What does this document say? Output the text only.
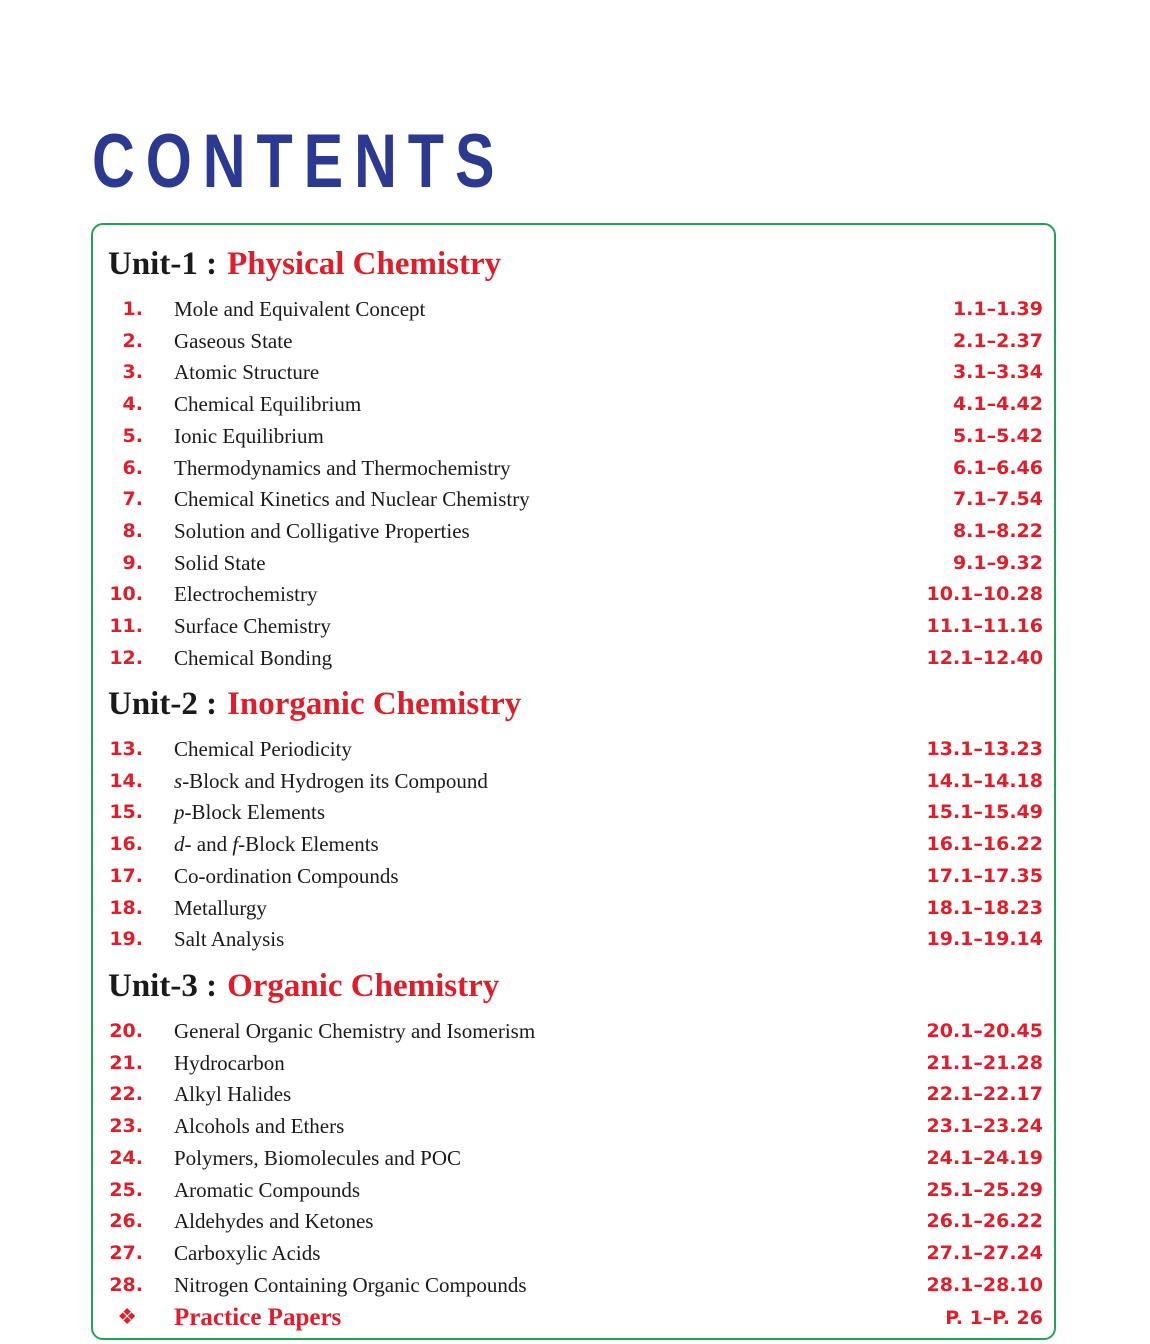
CONTENTS
Unit-1 : Physical Chemistry
1. Mole and Equivalent Concept	1.1–1.39
2. Gaseous State	2.1–2.37
3. Atomic Structure	3.1–3.34
4. Chemical Equilibrium	4.1–4.42
5. Ionic Equilibrium	5.1–5.42
6. Thermodynamics and Thermochemistry	6.1–6.46
7. Chemical Kinetics and Nuclear Chemistry	7.1–7.54
8. Solution and Colligative Properties	8.1–8.22
9. Solid State	9.1–9.32
10. Electrochemistry	10.1–10.28
11. Surface Chemistry	11.1–11.16
12. Chemical Bonding	12.1–12.40
Unit-2 : Inorganic Chemistry
13. Chemical Periodicity	13.1–13.23
14. s-Block and Hydrogen its Compound	14.1–14.18
15. p-Block Elements	15.1–15.49
16. d- and f-Block Elements	16.1–16.22
17. Co-ordination Compounds	17.1–17.35
18. Metallurgy	18.1–18.23
19. Salt Analysis	19.1–19.14
Unit-3 : Organic Chemistry
20. General Organic Chemistry and Isomerism	20.1–20.45
21. Hydrocarbon	21.1–21.28
22. Alkyl Halides	22.1–22.17
23. Alcohols and Ethers	23.1–23.24
24. Polymers, Biomolecules and POC	24.1–24.19
25. Aromatic Compounds	25.1–25.29
26. Aldehydes and Ketones	26.1–26.22
27. Carboxylic Acids	27.1–27.24
28. Nitrogen Containing Organic Compounds	28.1–28.10
❖ Practice Papers	P. 1–P. 26
